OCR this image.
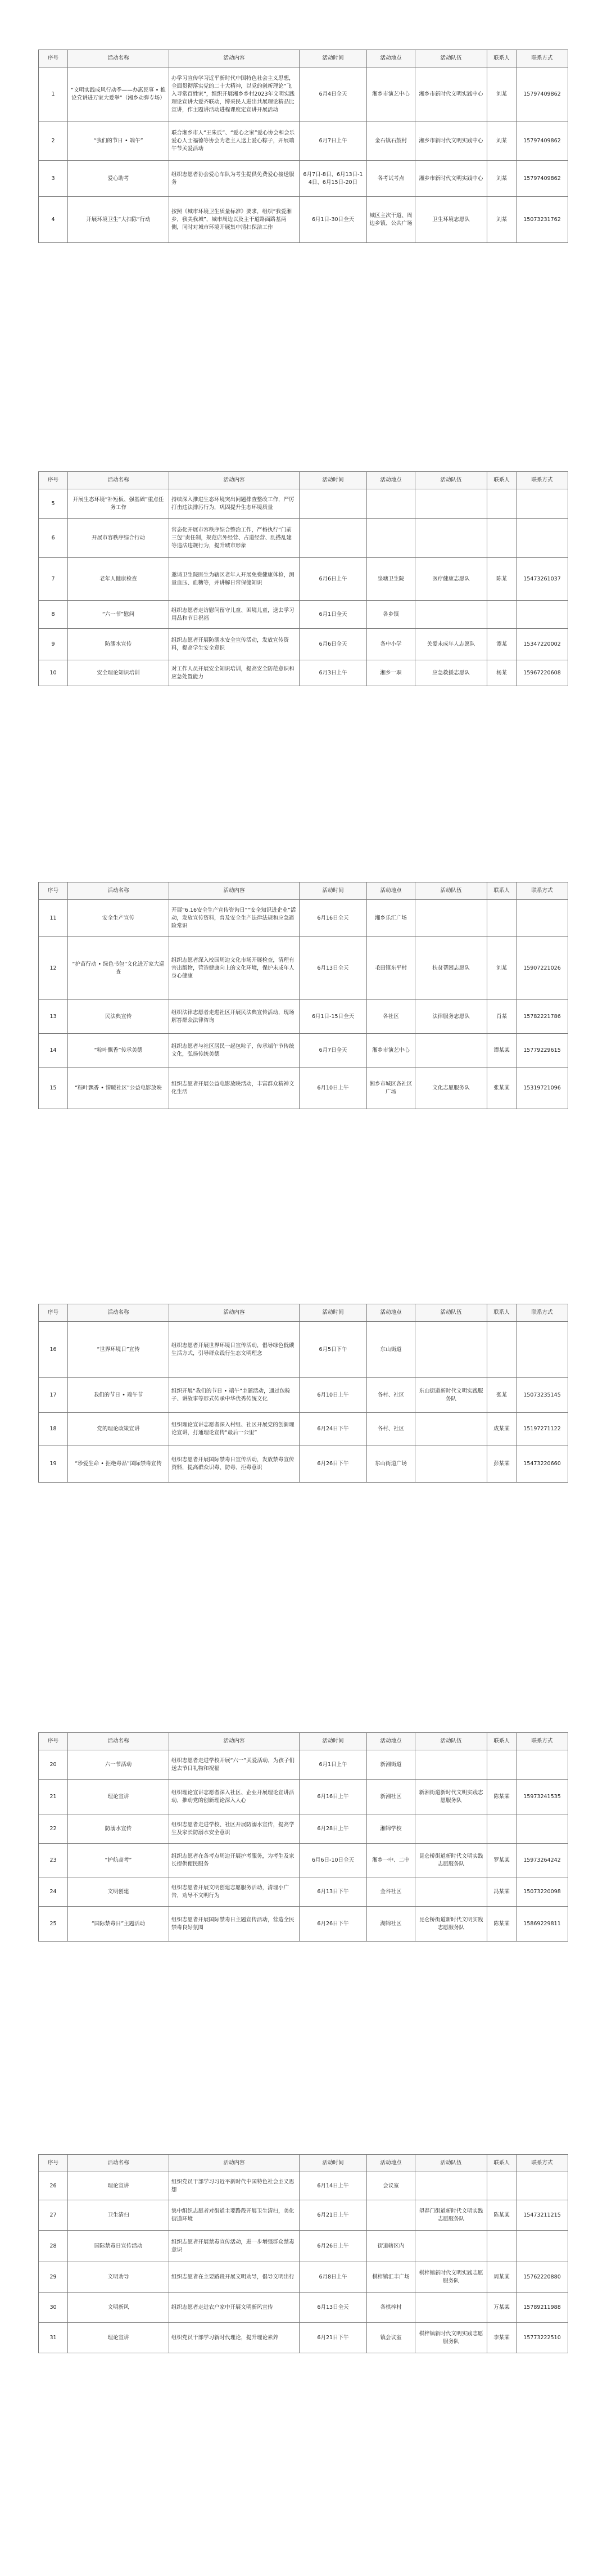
序号	活动名称	活动内容	活动时间	活动地点	活动队伍	联系人	联系方式
1	“文明实践成风行动季——办惠民事 • 推论党讲进万家大爱举”（湘乡动弹专场）	办学习宣传学习近平新时代中国特色社会主义思想，全面贯彻落实党的二十大精神，以党的创新理论“飞入寻常百姓家”，组织开展湘乡乡村2023年文明实践理论宣讲大爱齐联动，博采民人进出共展理论精品比宣讲，作主题讲活动进程课度定宣讲开展活动	6月4日全天	湘乡市演艺中心	湘乡市新时代文明实践中心	刘某	15797409862
2	“我们的节日 • 端午”	联合湘乡市人“王朱氏”、“爱心之家”爱心协会和会乐爱心人士福德等协会为老主人送上爱心粽子，开展端午节关爱活动	6月7日上午	金石镇石鼓村	湘乡市新时代文明实践中心	刘某	15797409862
3	爱心助考	组织志愿者协会爱心车队为考生提供免费爱心接送服务	6月7日-8日、6月13日-14日、6月15日-20日	各考试考点	湘乡市新时代文明实践中心	刘某	15797409862
4	开展环境卫生“大扫除”行动	按照《城市环境卫生质量标准》要求，组织“我爱湘乡，我美我城”，城市周边以及主干道路面路基两侧，同时对城市环境开展集中清扫保洁工作	6月1日-30日全天	城区主次干道、周边乡镇、公共广场	卫生环境志愿队	刘某	15073231762
序号	活动名称	活动内容	活动时间	活动地点	活动队伍	联系人	联系方式
5	开展生态环境“补短板、强基础”重点任务工作	持续深入推进生态环境突出问题排查整改工作，严厉打击违法排污行为，巩固提升生态环境质量					
6	开展市容秩序综合行动	常态化开展市容秩序综合整治工作，严格执行“门前三包”责任制，规范店外经营、占道经营、乱搭乱建等违法违规行为，提升城市形象					
7	老年人健康检查	邀请卫生院医生为辖区老年人开展免费健康体检，测量血压、血糖等，并讲解日常保健知识	6月6日上午	泉塘卫生院	医疗健康志愿队	陈某	15473261037
8	“六一节”慰问	组织志愿者走访慰问留守儿童、困境儿童，送去学习用品和节日祝福	6月1日全天	各乡镇			
9	防溺水宣传	组织志愿者开展防溺水安全宣传活动，发放宣传资料，提高学生安全意识	6月6日全天	各中小学	关爱未成年人志愿队	谭某	15347220002
10	安全理论知识培训	对工作人员开展安全知识培训，提高安全防范意识和应急处置能力	6月3日上午	湘乡一职	应急救援志愿队	杨某	15967220608
序号	活动名称	活动内容	活动时间	活动地点	活动队伍	联系人	联系方式
11	安全生产宣传	开展“6.16安全生产宣传咨询日”“安全知识进企业”活动，发放宣传资料，普及安全生产法律法规和应急避险常识	6月16日全天	湘乡乐汇广场			
12	“护苗行动 • 绿色书包”文化进万家大巡查	组织志愿者深入校园周边文化市场开展检查，清理有害出版物，营造健康向上的文化环境，保护未成年人身心健康	6月13日全天	毛田镇东平村	扶贫帮困志愿队	刘某	15907221026
13	民法典宣传	组织法律志愿者走进社区开展民法典宣传活动，现场解答群众法律咨询	6月1日-15日全天	各社区	法律服务志愿队	肖某	15782221786
14	“粽叶飘香”传承美德	组织志愿者与社区居民一起包粽子，传承端午节传统文化，弘扬传统美德	6月7日全天	湘乡市演艺中心		谭某某	15779229615
15	“粽叶飘香 • 情暖社区”公益电影放映	组织志愿者开展公益电影放映活动，丰富群众精神文化生活	6月10日上午	湘乡市城区各社区广场	文化志愿服务队	张某某	15319721096
序号	活动名称	活动内容	活动时间	活动地点	活动队伍	联系人	联系方式
16	“世界环境日”宣传	组织志愿者开展世界环境日宣传活动，倡导绿色低碳生活方式，引导群众践行生态文明理念	6月5日下午	东山街道			
17	我们的节日 • 端午节	组织开展“我们的节日 • 端午”主题活动，通过包粽子、讲故事等形式传承中华优秀传统文化	6月10日上午	各村、社区	东山街道新时代文明实践服务队	张某	15073235145
18	党的理论政策宣讲	组织理论宣讲志愿者深入村组、社区开展党的创新理论宣讲，打通理论宣传“最后一公里”	6月24日下午	各村、社区		成某某	15197271122
19	“珍爱生命 • 拒绝毒品”国际禁毒宣传	组织志愿者开展国际禁毒日宣传活动，发放禁毒宣传资料，提高群众识毒、防毒、拒毒意识	6月26日下午	东山街道广场		彭某某	15473220660
序号	活动名称	活动内容	活动时间	活动地点	活动队伍	联系人	联系方式
20	六一节活动	组织志愿者走进学校开展“六一”关爱活动，为孩子们送去节日礼物和祝福	6月1日上午	新湘街道			
21	理论宣讲	组织理论宣讲志愿者深入社区、企业开展理论宣讲活动，推动党的创新理论深入人心	6月16日上午	新湘社区	新湘街道新时代文明实践志愿服务队	陈某某	15973241535
22	防溺水宣传	组织志愿者走进学校、社区开展防溺水宣传，提高学生及家长防溺水安全意识	6月28日上午	湘锦学校			
23	“护航高考”	组织志愿者在各考点周边开展护考服务，为考生及家长提供便民服务	6月6日-10日全天	湘乡一中、二中	昆仑桥街道新时代文明实践志愿服务队	罗某某	15973264242
24	文明创建	组织志愿者开展文明创建志愿服务活动，清理小广告，劝导不文明行为	6月13日下午	金谷社区		冯某某	15073220098
25	“国际禁毒日”主题活动	组织志愿者开展国际禁毒日主题宣传活动，营造全民禁毒良好氛围	6月26日下午	湖锦社区	昆仑桥街道新时代文明实践志愿服务队	陈某某	15869229811
序号	活动名称	活动内容	活动时间	活动地点	活动队伍	联系人	联系方式
26	理论宣讲	组织党员干部学习习近平新时代中国特色社会主义思想	6月14日上午	会议室			
27	卫生清扫	集中组织志愿者对街道主要路段开展卫生清扫，美化街道环境	6月21日上午		望春门街道新时代文明实践志愿服务队	陈某某	15473211215
28	国际禁毒日宣传活动	组织志愿者开展禁毒宣传活动，进一步增强群众禁毒意识	6月26日上午	街道辖区内			
29	文明劝导	组织志愿者在主要路段开展文明劝导，倡导文明出行	6月8日上午	棋梓镇汇丰广场	棋梓镇新时代文明实践志愿服务队	周某某	15762220880
30	文明新风	组织志愿者走进农户家中开展文明新风宣传	6月13日全天	各棋梓村		万某某	15789211988
31	理论宣讲	组织党员干部学习新时代理论，提升理论素养	6月21日下午	镇会议室	棋梓镇新时代文明实践志愿服务队	李某某	15773222510
